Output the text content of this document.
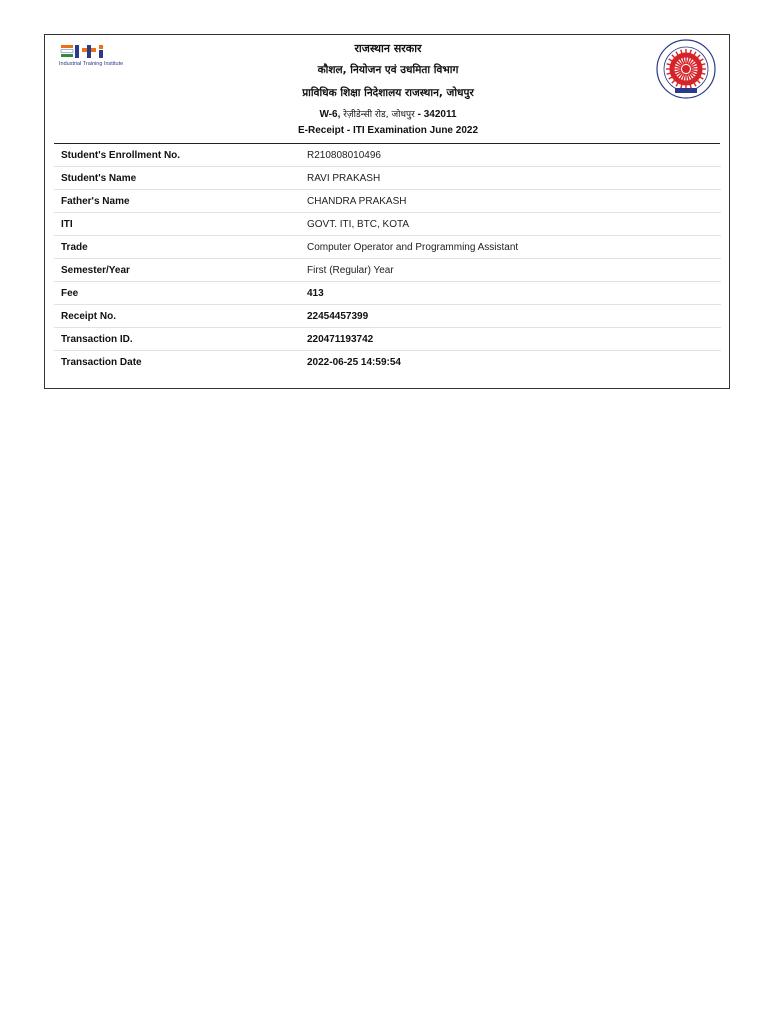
Industrial Training Institute
राजस्थान सरकार
कौशल, नियोजन एवं उधमिता विभाग
प्राविधिक शिक्षा निदेशालय राजस्थान, जोधपुर
W-6, रेज़ीडेन्सी रोड, जोधपुर - 342011
E-Receipt - ITI Examination June 2022
Student's Enrollment No.	R210808010496
Student's Name	RAVI PRAKASH
Father's Name	CHANDRA PRAKASH
ITI	GOVT. ITI, BTC, KOTA
Trade	Computer Operator and Programming Assistant
Semester/Year	First (Regular) Year
Fee	413
Receipt No.	22454457399
Transaction ID.	220471193742
Transaction Date	2022-06-25 14:59:54
